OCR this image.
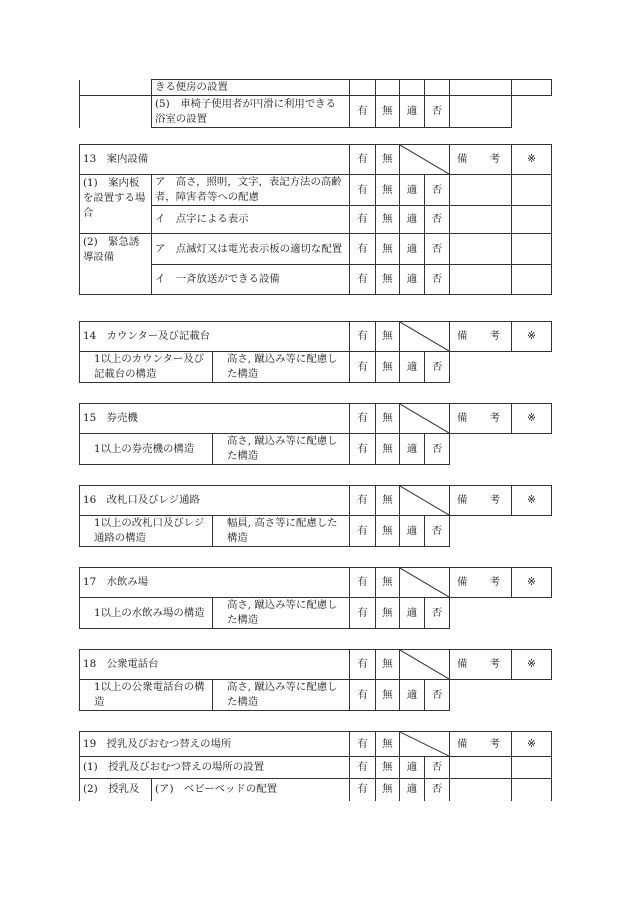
	きる便房の設置						
	(5)　車椅子使用者が円滑に利用できる浴室の設置	有	無	適	否		
13　案内設備		有	無			備 考	※
(1)　案内板を設置する場合	ア　高さ，照明，文字，表記方法の高齢者，障害者等への配慮	有	無	適	否		
	イ　点字による表示	有	無	適	否		
(2)　緊急誘導設備	ア　点滅灯又は電光表示板の適切な配置	有	無	適	否		
	イ　一斉放送ができる設備	有	無	適	否		
14　カウンター及び記載台		有	無			備 考	※
1以上のカウンター及び記載台の構造	高さ, 蹴込み等に配慮した構造	有	無	適	否		
15　券売機		有	無			備 考	※
1以上の券売機の構造	高さ, 蹴込み等に配慮した構造	有	無	適	否		
16　改札口及びレジ通路		有	無			備 考	※
1以上の改札口及びレジ通路の構造	幅員, 高さ等に配慮した構造	有	無	適	否		
17　水飲み場		有	無			備 考	※
1以上の水飲み場の構造	高さ, 蹴込み等に配慮した構造	有	無	適	否		
18　公衆電話台		有	無			備 考	※
1以上の公衆電話台の構造	高さ, 蹴込み等に配慮した構造	有	無	適	否		
19　授乳及びおむつ替えの場所		有	無			備 考	※
(1)　授乳及びおむつ替えの場所の設置		有	無	適	否		
(2)　授乳及	(ア)　ベビーベッドの配置	有	無	適	否		
